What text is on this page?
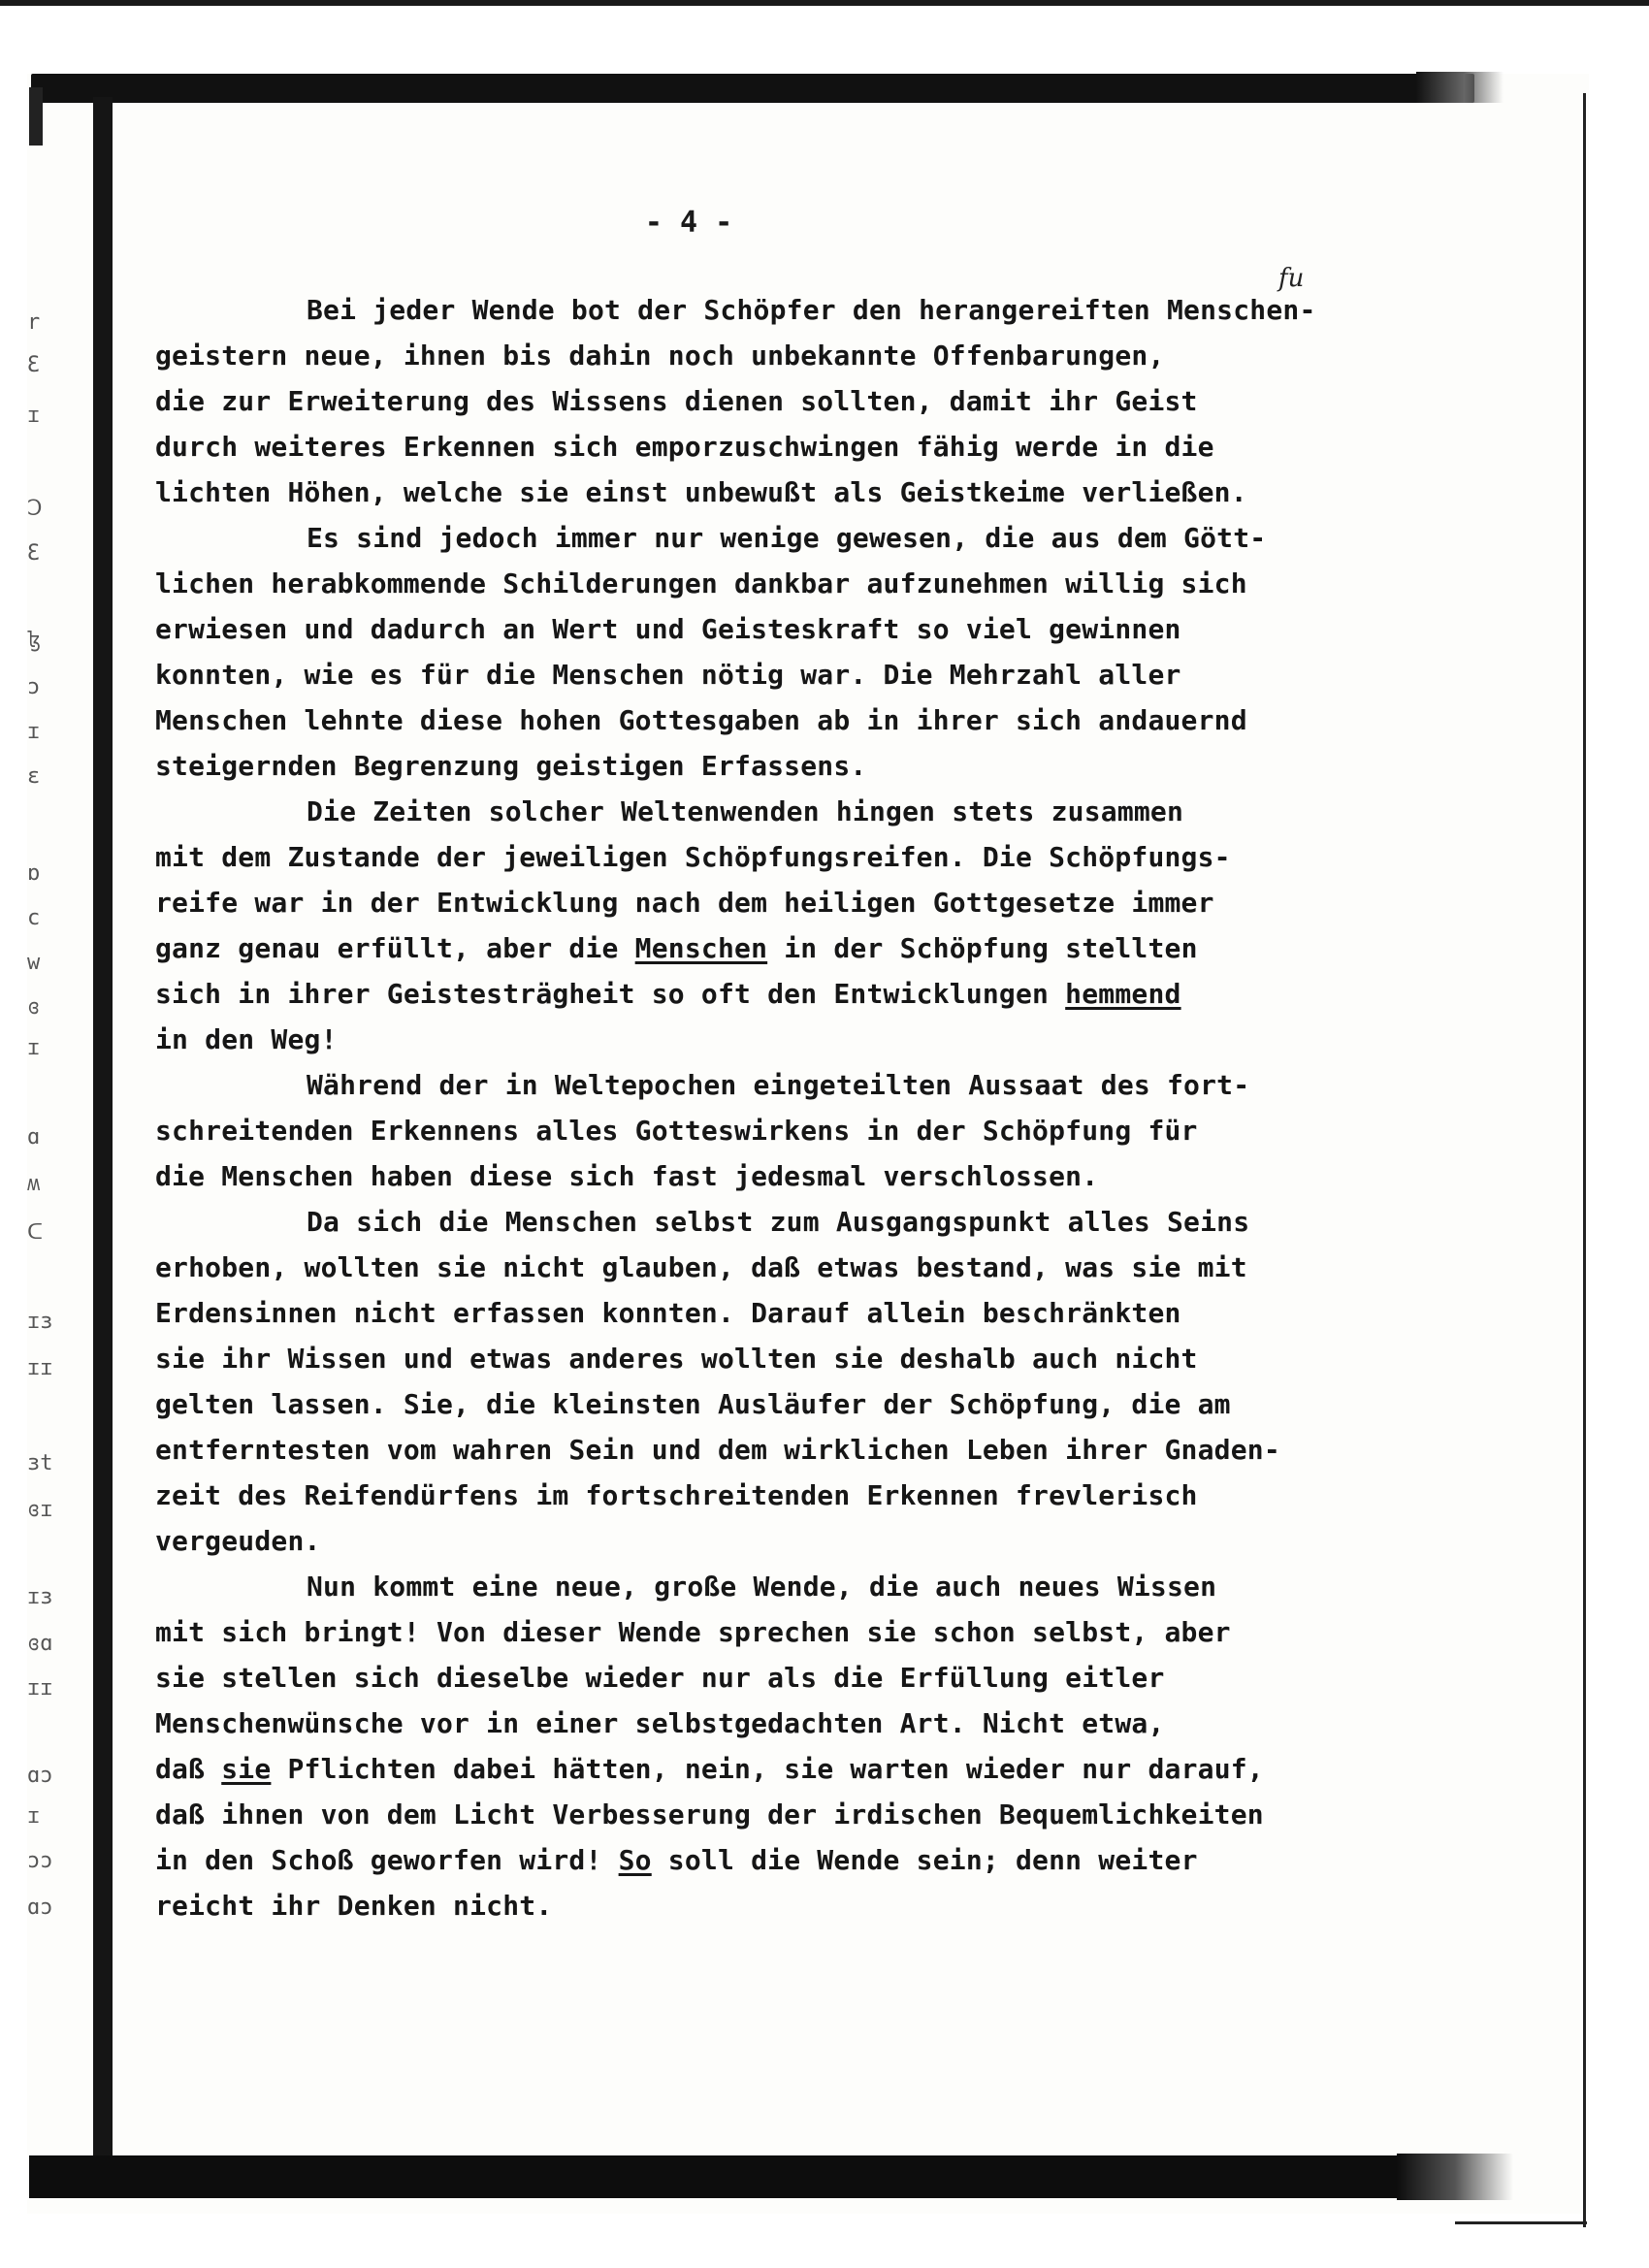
r
Ɛ
ɪ
Ↄ
Ɛ
ɮ
ɔ
ɪ
ɛ
ɒ
c
w
ɞ
ɪ
ɑ
ʍ
ᑕ
ɪɜ
ɪɪ
ɜt
ɞɪ
ɪɜ
ɞɑ
ɪɪ
ɑɔ
ɪ
ɔɔ
ɑɔ
- 4 -
fu

Bei jeder Wende bot der Schöpfer den herangereiften Menschen-
geistern neue, ihnen bis dahin noch unbekannte Offenbarungen,
die zur Erweiterung des Wissens dienen sollten, damit ihr Geist
durch weiteres Erkennen sich emporzuschwingen fähig werde in die
lichten Höhen, welche sie einst unbewußt als Geistkeime verließen.

Es sind jedoch immer nur wenige gewesen, die aus dem Gött-
lichen herabkommende Schilderungen dankbar aufzunehmen willig sich
erwiesen und dadurch an Wert und Geisteskraft so viel gewinnen
konnten, wie es für die Menschen nötig war. Die Mehrzahl aller
Menschen lehnte diese hohen Gottesgaben ab in ihrer sich andauernd
steigernden Begrenzung geistigen Erfassens.

Die Zeiten solcher Weltenwenden hingen stets zusammen
mit dem Zustande der jeweiligen Schöpfungsreifen. Die Schöpfungs-
reife war in der Entwicklung nach dem heiligen Gottgesetze immer
ganz genau erfüllt, aber die Menschen in der Schöpfung stellten
sich in ihrer Geistesträgheit so oft den Entwicklungen hemmend
in den Weg!

Während der in Weltepochen eingeteilten Aussaat des fort-
schreitenden Erkennens alles Gotteswirkens in der Schöpfung für
die Menschen haben diese sich fast jedesmal verschlossen.

Da sich die Menschen selbst zum Ausgangspunkt alles Seins
erhoben, wollten sie nicht glauben, daß etwas bestand, was sie mit
Erdensinnen nicht erfassen konnten. Darauf allein beschränkten
sie ihr Wissen und etwas anderes wollten sie deshalb auch nicht
gelten lassen. Sie, die kleinsten Ausläufer der Schöpfung, die am
entferntesten vom wahren Sein und dem wirklichen Leben ihrer Gnaden-
zeit des Reifendürfens im fortschreitenden Erkennen frevlerisch
vergeuden.

Nun kommt eine neue, große Wende, die auch neues Wissen
mit sich bringt! Von dieser Wende sprechen sie schon selbst, aber
sie stellen sich dieselbe wieder nur als die Erfüllung eitler
Menschenwünsche vor in einer selbstgedachten Art. Nicht etwa,
daß sie Pflichten dabei hätten, nein, sie warten wieder nur darauf,
daß ihnen von dem Licht Verbesserung der irdischen Bequemlichkeiten
in den Schoß geworfen wird! So soll die Wende sein; denn weiter
reicht ihr Denken nicht.
